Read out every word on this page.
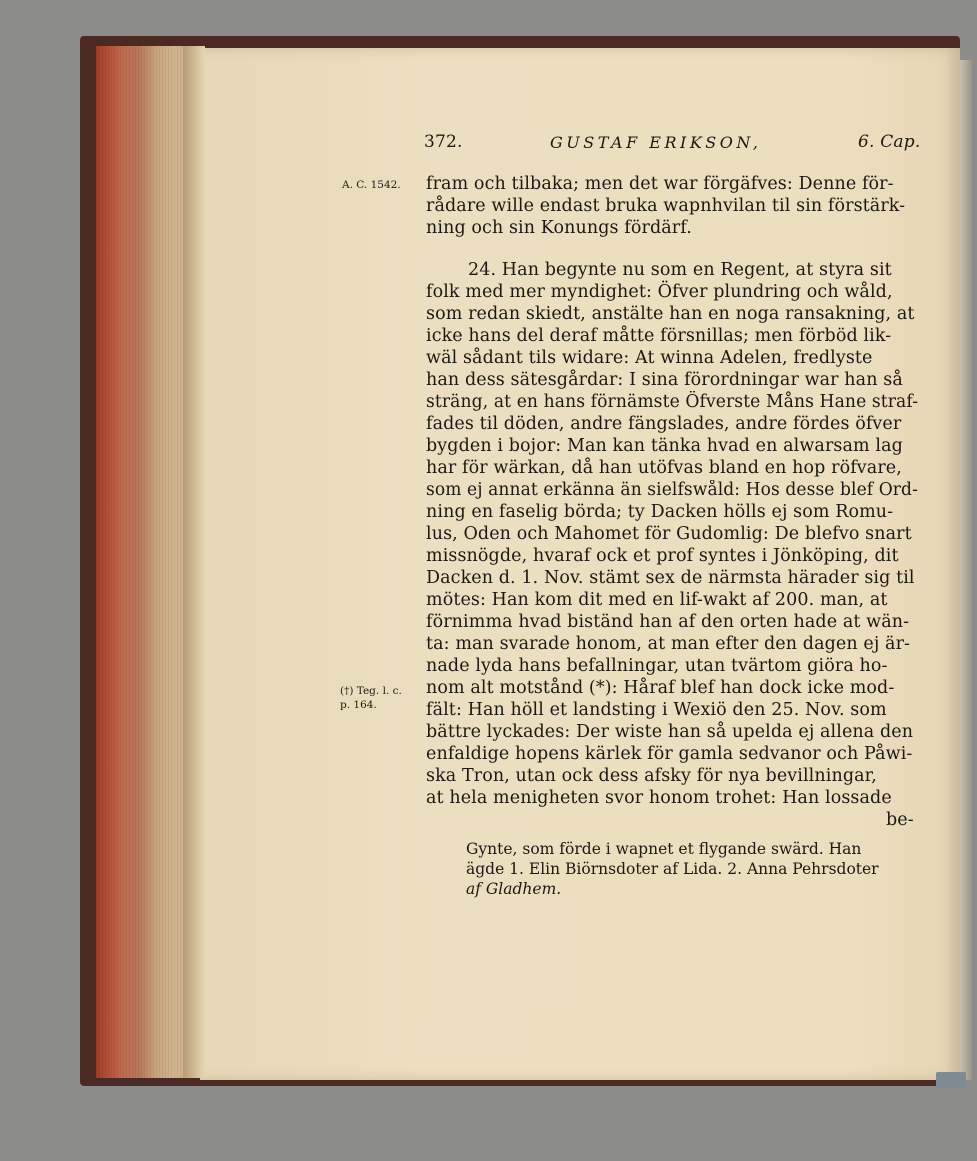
372.	GUSTAF ERIKSON,	6. Cap.
A. C. 1542.
(†) Teg. l. c.
p. 164.
fram och tilbaka; men det war förgäfves: Denne för-
rådare wille endast bruka wapnhvilan til sin förstärk-
ning och sin Konungs fördärf.
24. Han begynte nu som en Regent, at styra sit
folk med mer myndighet: Öfver plundring och wåld,
som redan skiedt, anstälte han en noga ransakning, at
icke hans del deraf måtte försnillas; men förböd lik-
wäl sådant tils widare: At winna Adelen, fredlyste
han dess sätesgårdar: I sina förordningar war han så
sträng, at en hans förnämste Öfverste Måns Hane straf-
fades til döden, andre fängslades, andre fördes öfver
bygden i bojor: Man kan tänka hvad en alwarsam lag
har för wärkan, då han utöfvas bland en hop röfvare,
som ej annat erkänna än sielfswåld: Hos desse blef Ord-
ning en faselig börda; ty Dacken hölls ej som Romu-
lus, Oden och Mahomet för Gudomlig: De blefvo snart
missnögde, hvaraf ock et prof syntes i Jönköping, dit
Dacken d. 1. Nov. stämt sex de närmsta härader sig til
mötes: Han kom dit med en lif-wakt af 200. man, at
förnimma hvad biständ han af den orten hade at wän-
ta: man svarade honom, at man efter den dagen ej är-
nade lyda hans befallningar, utan tvärtom giöra ho-
nom alt motstånd (*): Håraf blef han dock icke mod-
fält: Han höll et landsting i Wexiö den 25. Nov. som
bättre lyckades: Der wiste han så upelda ej allena den
enfaldige hopens kärlek för gamla sedvanor och Påwi-
ska Tron, utan ock dess afsky för nya bevillningar,
at hela menigheten svor honom trohet: Han lossade
be-
Gynte, som förde i wapnet et flygande swärd. Han
ägde 1. Elin Biörnsdoter af Lida. 2. Anna Pehrsdoter
af Gladhem.
